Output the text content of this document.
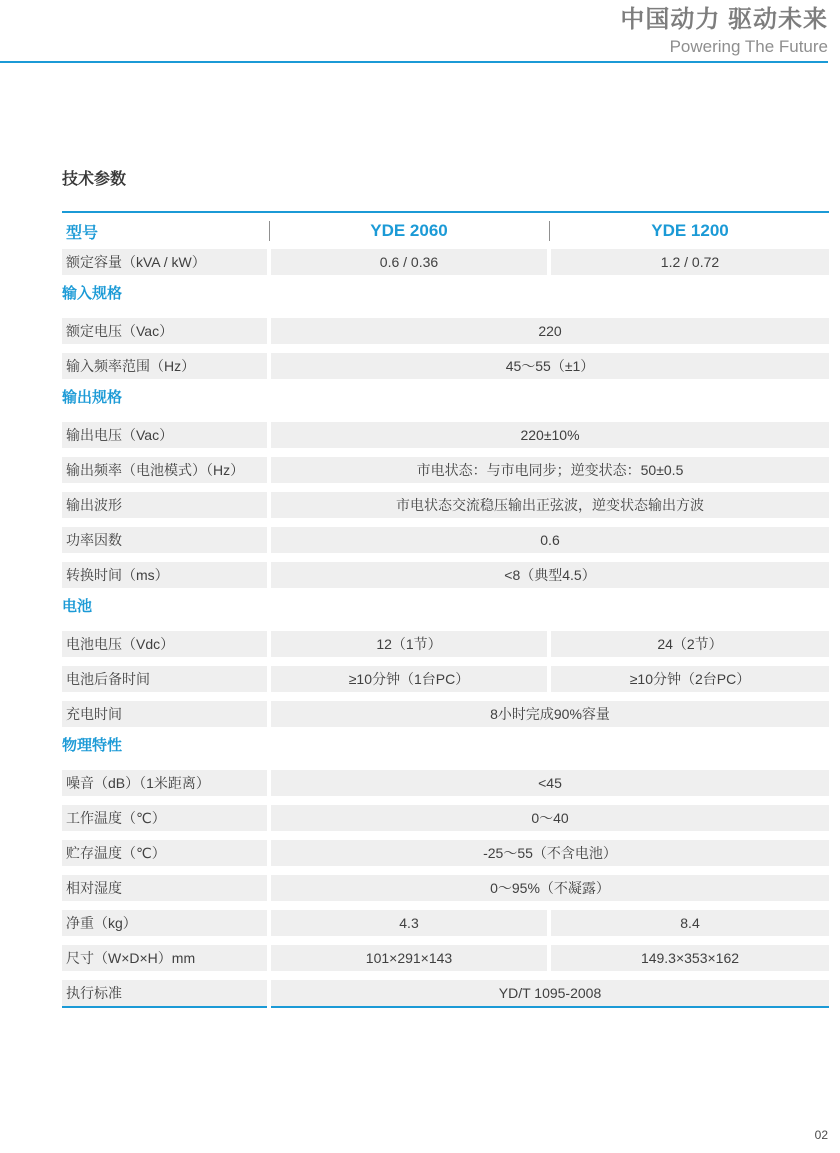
中国动力 驱动未来
Powering The Future
技术参数
型号	YDE 2060	YDE 1200
额定容量（kVA / kW）	0.6 / 0.36	1.2 / 0.72
输入规格
额定电压（Vac）	220
输入频率范围（Hz）	45～55（±1）
输出规格
输出电压（Vac）	220±10%
输出频率（电池模式）（Hz）	市电状态：与市电同步；逆变状态：50±0.5
输出波形	市电状态交流稳压输出正弦波，逆变状态输出方波
功率因数	0.6
转换时间（ms）	<8（典型4.5）
电池
电池电压（Vdc）	12（1节）	24（2节）
电池后备时间	≥10分钟（1台PC）	≥10分钟（2台PC）
充电时间	8小时完成90%容量
物理特性
噪音（dB）（1米距离）	<45
工作温度（℃）	0～40
贮存温度（℃）	-25～55（不含电池）
相对湿度	0～95%（不凝露）
净重（kg）	4.3	8.4
尺寸（W×D×H）mm	101×291×143	149.3×353×162
执行标准	YD/T 1095-2008
02
